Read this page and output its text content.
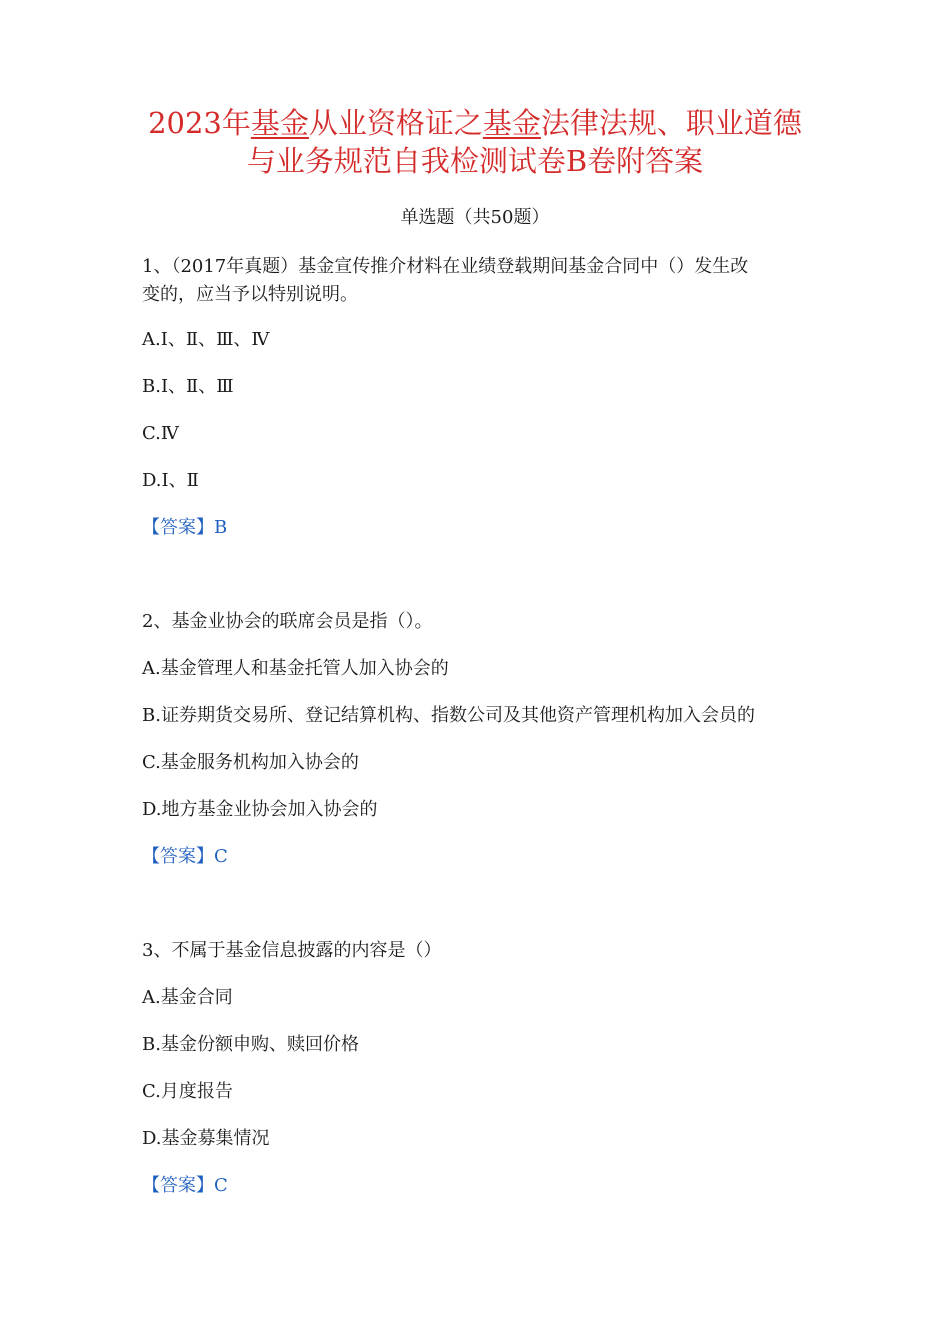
2023年基金从业资格证之基金法律法规、职业道德
与业务规范自我检测试卷B卷附答案
单选题（共50题）
1、（2017年真题）基金宣传推介材料在业绩登载期间基金合同中（）发生改
变的，应当予以特别说明。
A.Ⅰ、Ⅱ、Ⅲ、Ⅳ
B.Ⅰ、Ⅱ、Ⅲ
C.Ⅳ
D.Ⅰ、Ⅱ
【答案】B
2、基金业协会的联席会员是指（）。
A.基金管理人和基金托管人加入协会的
B.证券期货交易所、登记结算机构、指数公司及其他资产管理机构加入会员的
C.基金服务机构加入协会的
D.地方基金业协会加入协会的
【答案】C
3、不属于基金信息披露的内容是（）
A.基金合同
B.基金份额申购、赎回价格
C.月度报告
D.基金募集情况
【答案】C
